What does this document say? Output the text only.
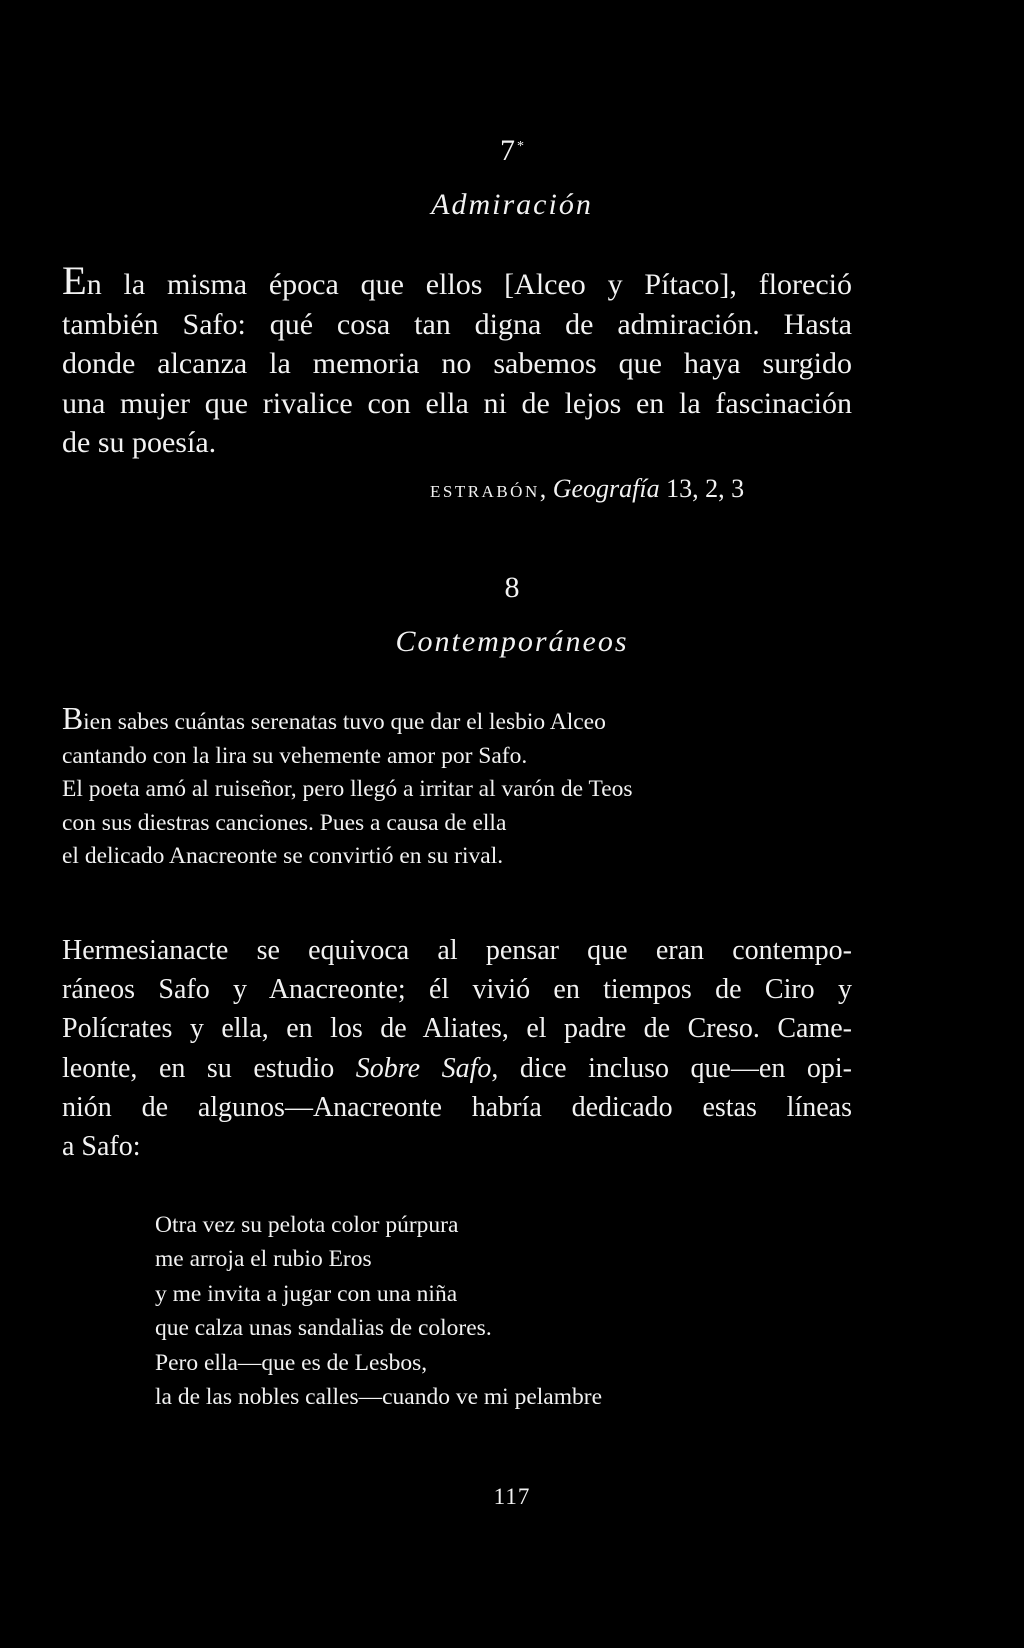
7 *
Admiración
En la misma época que ellos [Alceo y Pítaco], floreció
también Safo: qué cosa tan digna de admiración. Hasta
donde alcanza la memoria no sabemos que haya surgido
una mujer que rivalice con ella ni de lejos en la fascinación
de su poesía.
ESTRABÓN, Geografía 13, 2, 3
8
Contemporáneos
Bien sabes cuántas serenatas tuvo que dar el lesbio Alceo
cantando con la lira su vehemente amor por Safo.
El poeta amó al ruiseñor, pero llegó a irritar al varón de Teos
con sus diestras canciones. Pues a causa de ella
el delicado Anacreonte se convirtió en su rival.
Hermesianacte se equivoca al pensar que eran contempo-
ráneos Safo y Anacreonte; él vivió en tiempos de Ciro y
Polícrates y ella, en los de Aliates, el padre de Creso. Came-
leonte, en su estudio Sobre Safo, dice incluso que—en opi-
nión de algunos—Anacreonte habría dedicado estas líneas
a Safo:
Otra vez su pelota color púrpura
me arroja el rubio Eros
y me invita a jugar con una niña
que calza unas sandalias de colores.
Pero ella—que es de Lesbos,
la de las nobles calles—cuando ve mi pelambre
117
